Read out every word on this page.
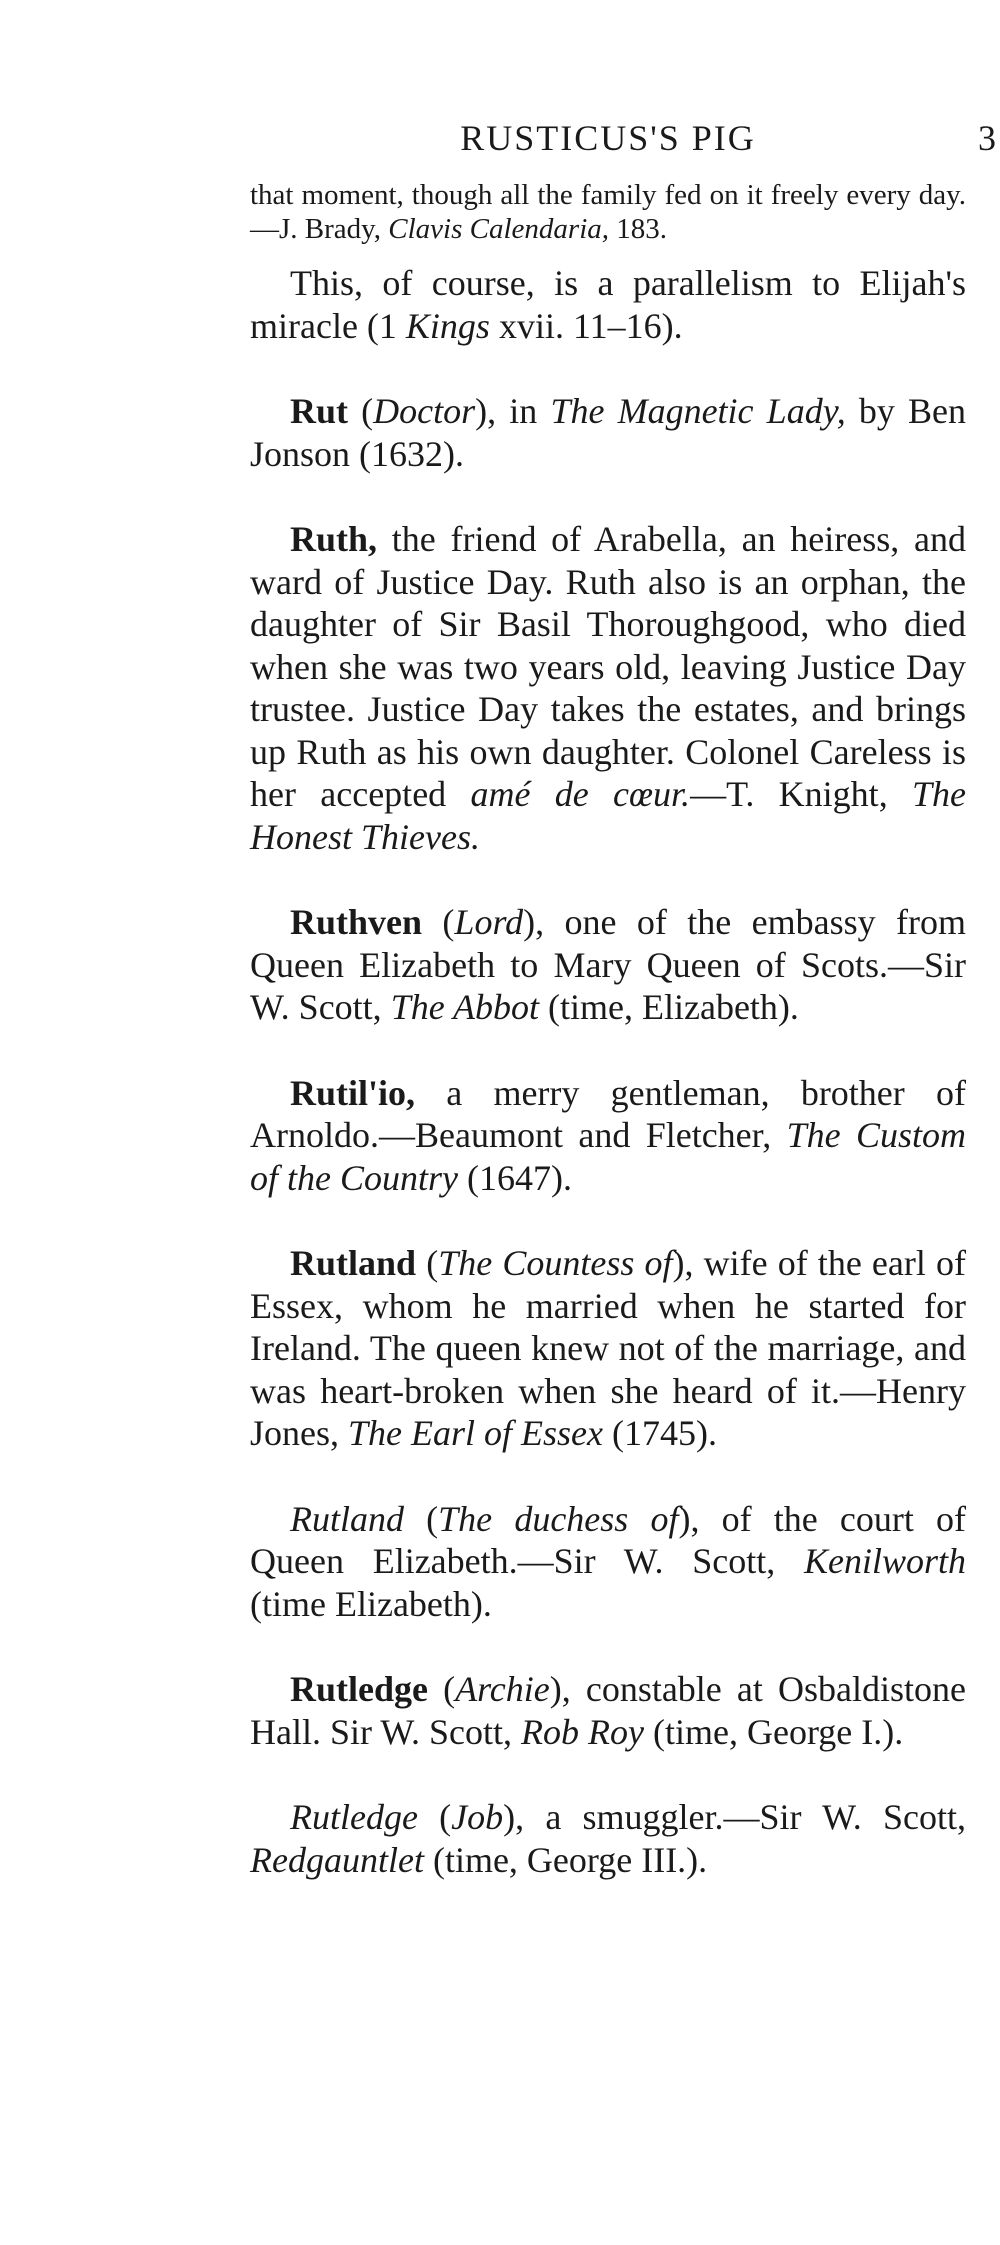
RUSTICUS'S PIG	3

that moment, though all the family fed on it freely every day.—J. Brady, Clavis Calendaria, 183.

This, of course, is a parallelism to Elijah's miracle (1 Kings xvii. 11–16).

Rut (Doctor), in The Magnetic Lady, by Ben Jonson (1632).

Ruth, the friend of Arabella, an heiress, and ward of Justice Day. Ruth also is an orphan, the daughter of Sir Basil Thoroughgood, who died when she was two years old, leaving Justice Day trustee. Justice Day takes the estates, and brings up Ruth as his own daughter. Colonel Careless is her accepted amé de cœur.—T. Knight, The Honest Thieves.

Ruthven (Lord), one of the embassy from Queen Elizabeth to Mary Queen of Scots.—Sir W. Scott, The Abbot (time, Elizabeth).

Rutil'io, a merry gentleman, brother of Arnoldo.—Beaumont and Fletcher, The Custom of the Country (1647).

Rutland (The Countess of), wife of the earl of Essex, whom he married when he started for Ireland. The queen knew not of the marriage, and was heart-broken when she heard of it.—Henry Jones, The Earl of Essex (1745).

Rutland (The duchess of), of the court of Queen Elizabeth.—Sir W. Scott, Kenilworth (time Elizabeth).

Rutledge (Archie), constable at Osbaldistone Hall. Sir W. Scott, Rob Roy (time, George I.).

Rutledge (Job), a smuggler.—Sir W. Scott, Redgauntlet (time, George III.).
